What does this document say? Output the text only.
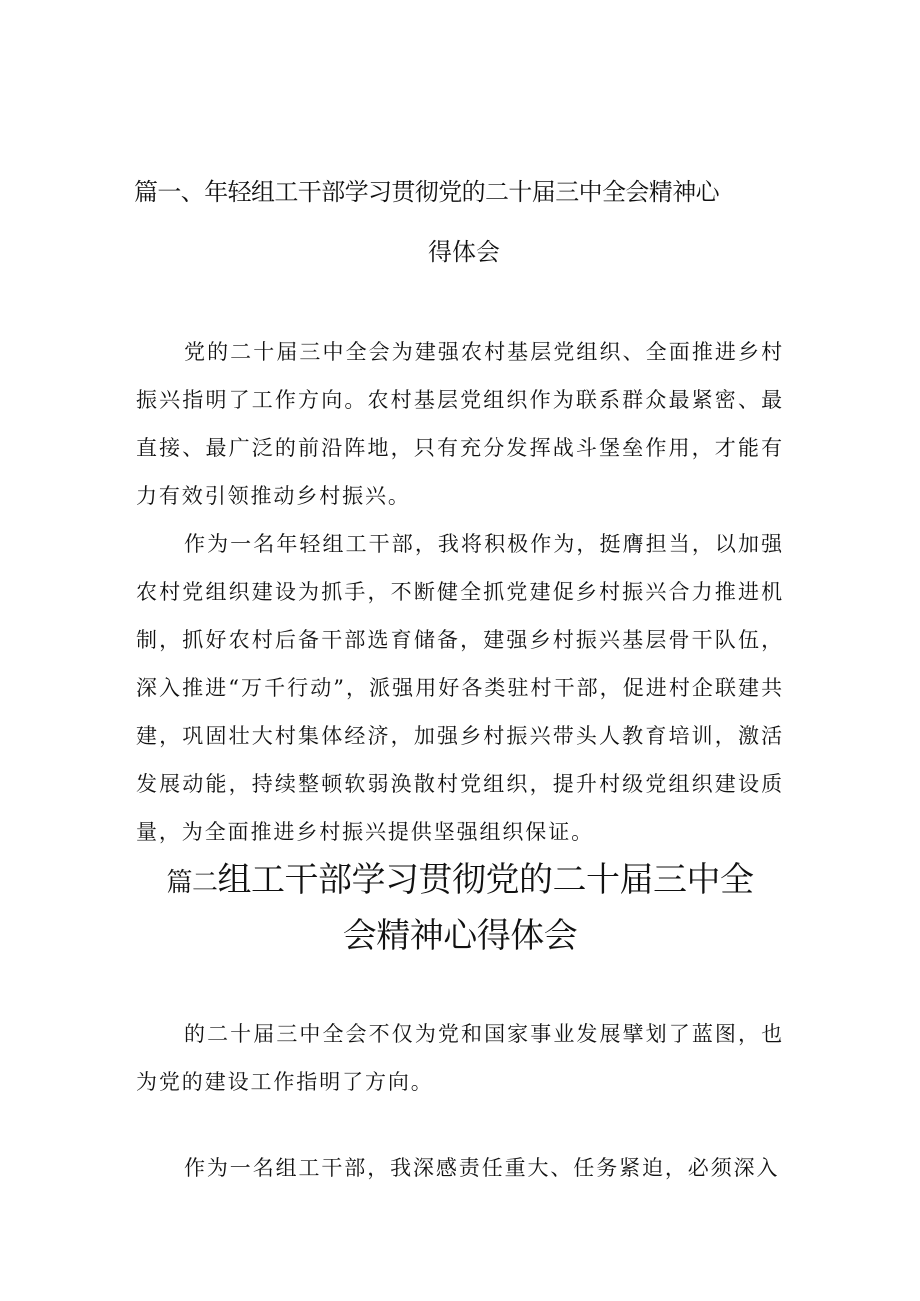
篇一、年轻组工干部学习贯彻党的二十届三中全会精神心
得体会

党的二十届三中全会为建强农村基层党组织、全面推进乡村振兴指明了工作方向。农村基层党组织作为联系群众最紧密、最直接、最广泛的前沿阵地，只有充分发挥战斗堡垒作用，才能有力有效引领推动乡村振兴。

作为一名年轻组工干部，我将积极作为，挺膺担当，以加强农村党组织建设为抓手，不断健全抓党建促乡村振兴合力推进机制，抓好农村后备干部选育储备，建强乡村振兴基层骨干队伍，深入推进“万千行动”，派强用好各类驻村干部，促进村企联建共建，巩固壮大村集体经济，加强乡村振兴带头人教育培训，激活发展动能，持续整顿软弱涣散村党组织，提升村级党组织建设质量，为全面推进乡村振兴提供坚强组织保证。

篇二组工干部学习贯彻党的二十届三中全
会精神心得体会

的二十届三中全会不仅为党和国家事业发展擘划了蓝图，也为党的建设工作指明了方向。

作为一名组工干部，我深感责任重大、任务紧迫，必须深入
